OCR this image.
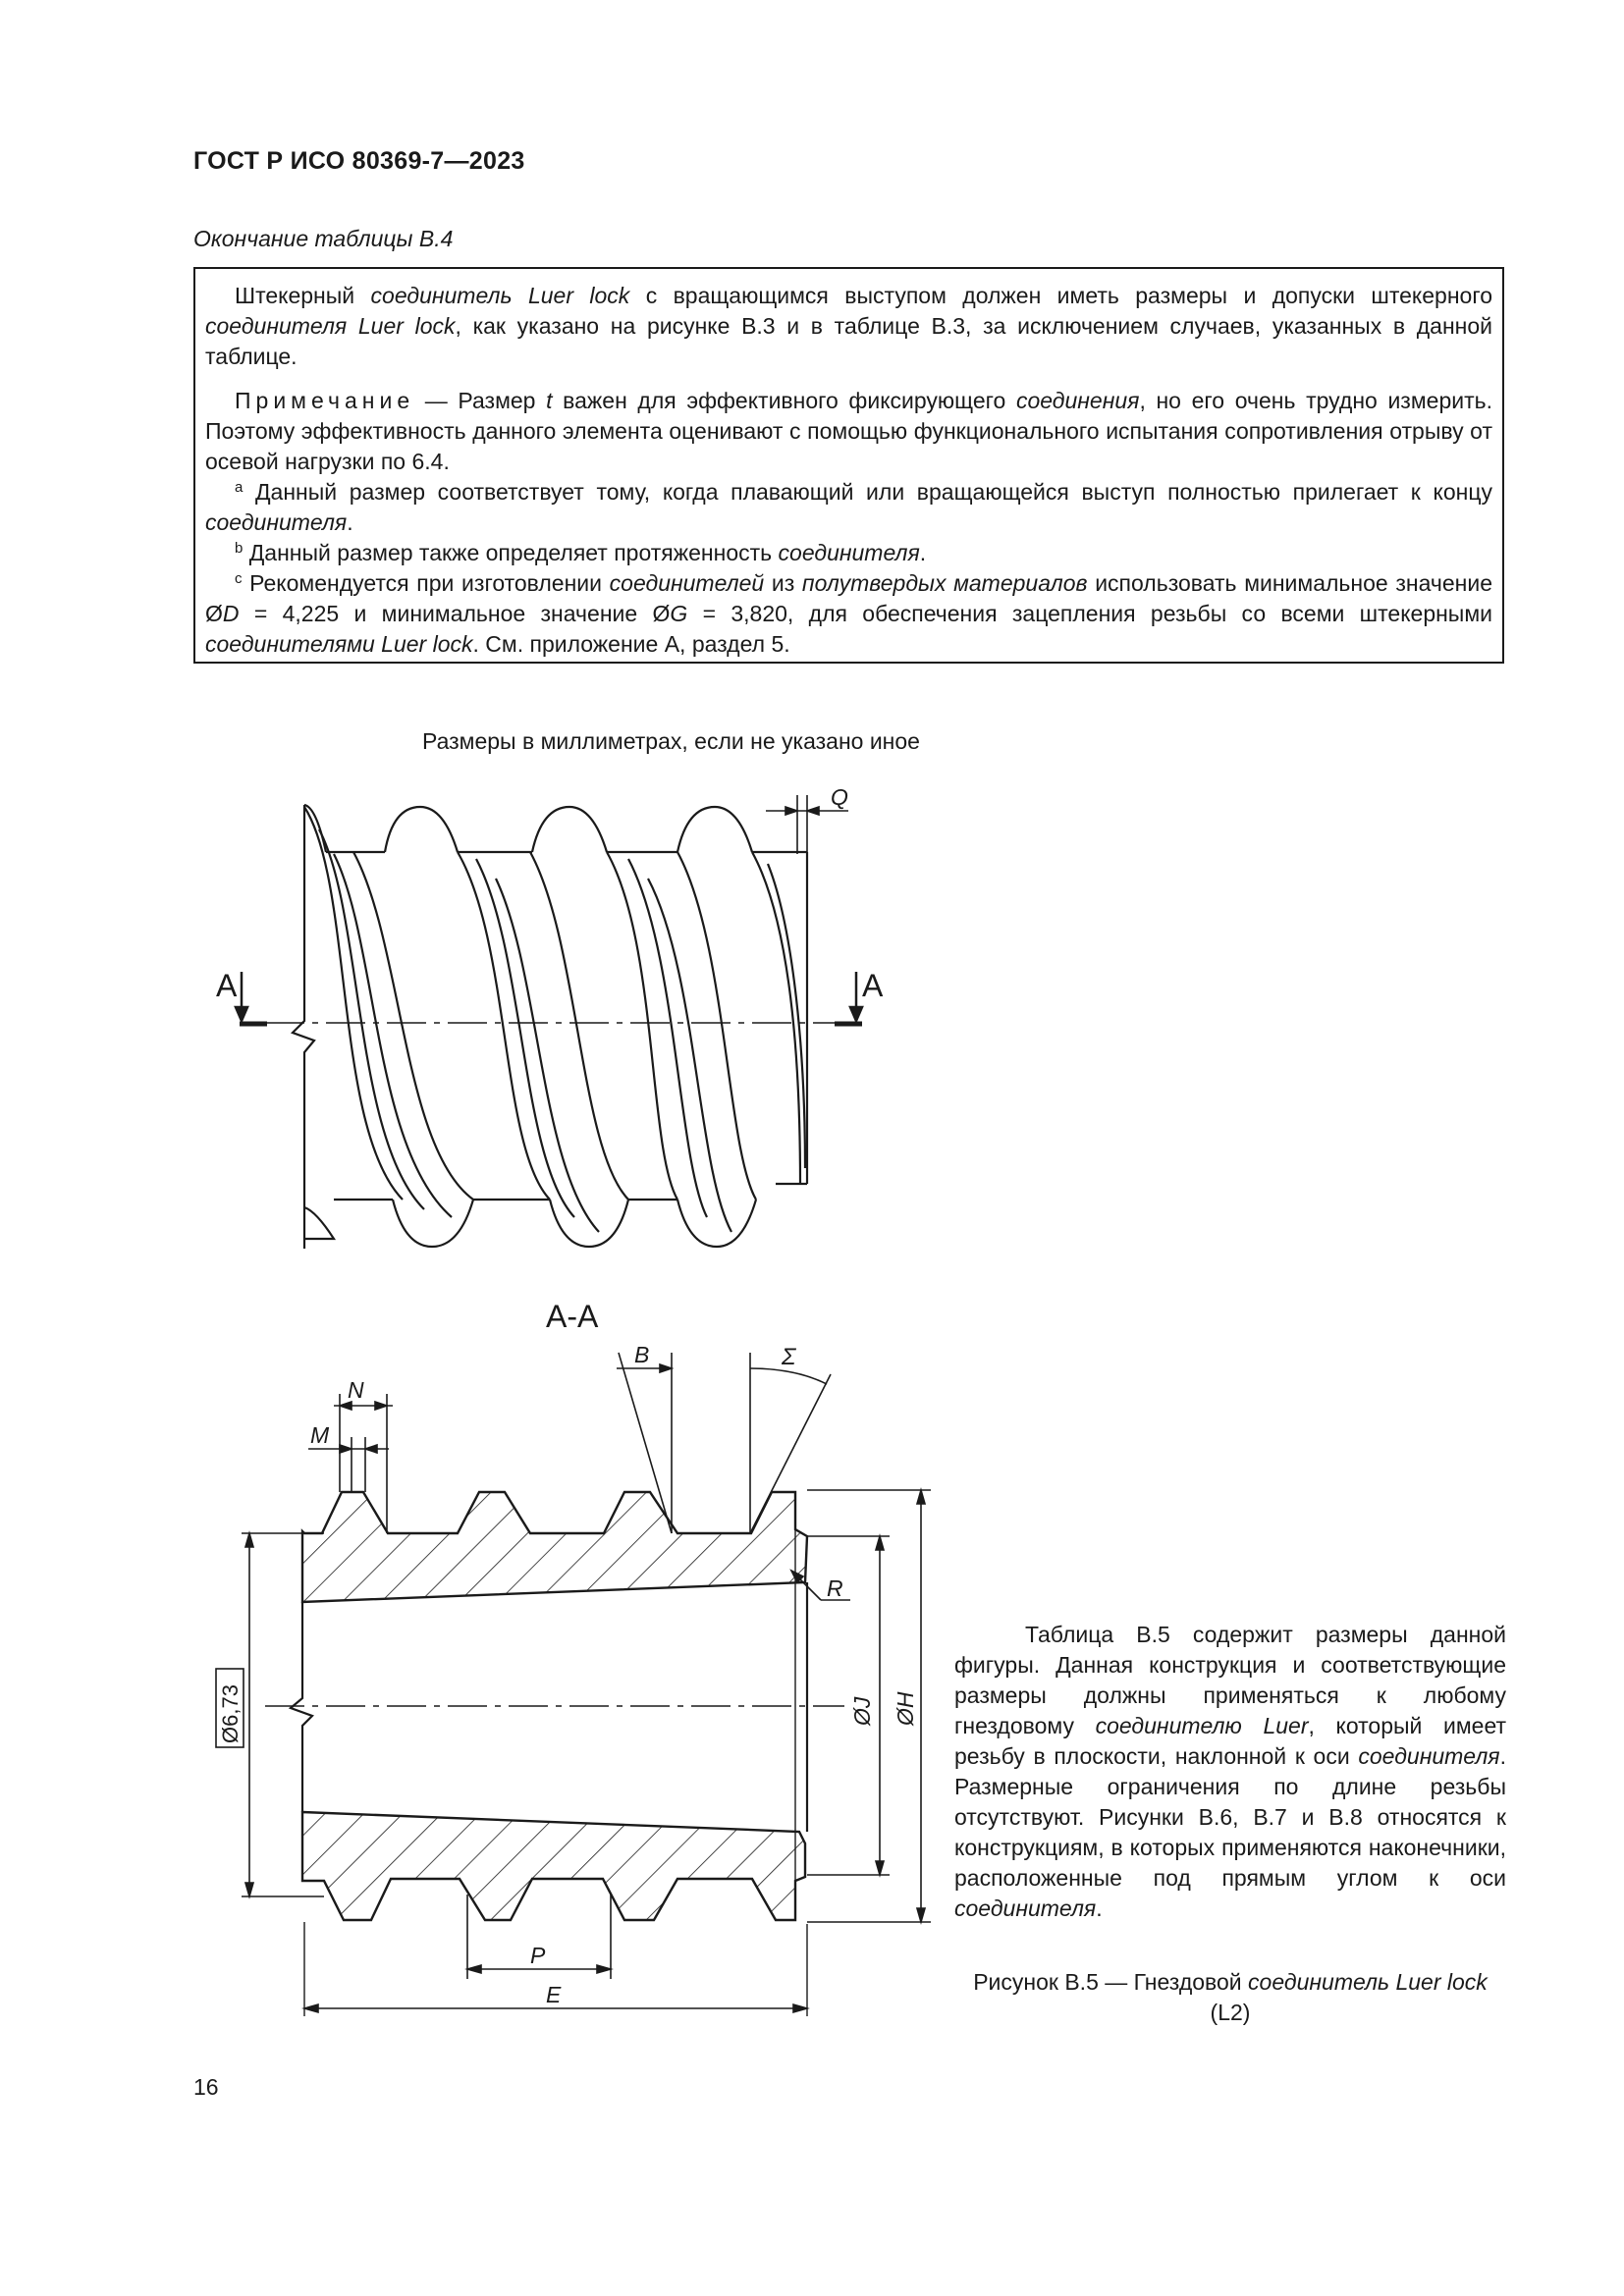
ГОСТ Р ИСО 80369-7—2023
Окончание таблицы В.4

Штекерный соединитель Luer lock с вращающимся выступом должен иметь размеры и допуски штекерного соединителя Luer lock, как указано на рисунке В.3 и в таблице В.3, за исключением случаев, указанных в данной таблице.

Примечание — Размер t важен для эффективного фиксирующего соединения, но его очень трудно измерить. Поэтому эффективность данного элемента оценивают с помощью функционального испытания сопротивления отрыву от осевой нагрузки по 6.4.

$^a$ Данный размер соответствует тому, когда плавающий или вращающейся выступ полностью прилегает к концу соединителя.

$^b$ Данный размер также определяет протяженность соединителя.

$^c$ Рекомендуется при изготовлении соединителей из полутвердых материалов использовать минимальное значение ØD = 4,225 и минимальное значение ØG = 3,820, для обеспечения зацепления резьбы со всеми штекерными соединителями Luer lock. См. приложение А, раздел 5.

Размеры в миллиметрах, если не указано иное
A	A
Q
A-A
Ø6,73	ØJ ØH
R
B	Σ
N
M
P
E

Таблица В.5 содержит размеры данной фигуры. Данная конструкция и соответствующие размеры должны применяться к любому гнездовому соединителю Luer, который имеет резьбу в плоскости, наклонной к оси соединителя. Размерные ограничения по длине резьбы отсутствуют. Рисунки В.6, В.7 и В.8 относятся к конструкциям, в которых применяются наконечники, расположенные под прямым углом к оси соединителя.

Рисунок В.5 — Гнездовой соединитель Luer lock (L2)
16
